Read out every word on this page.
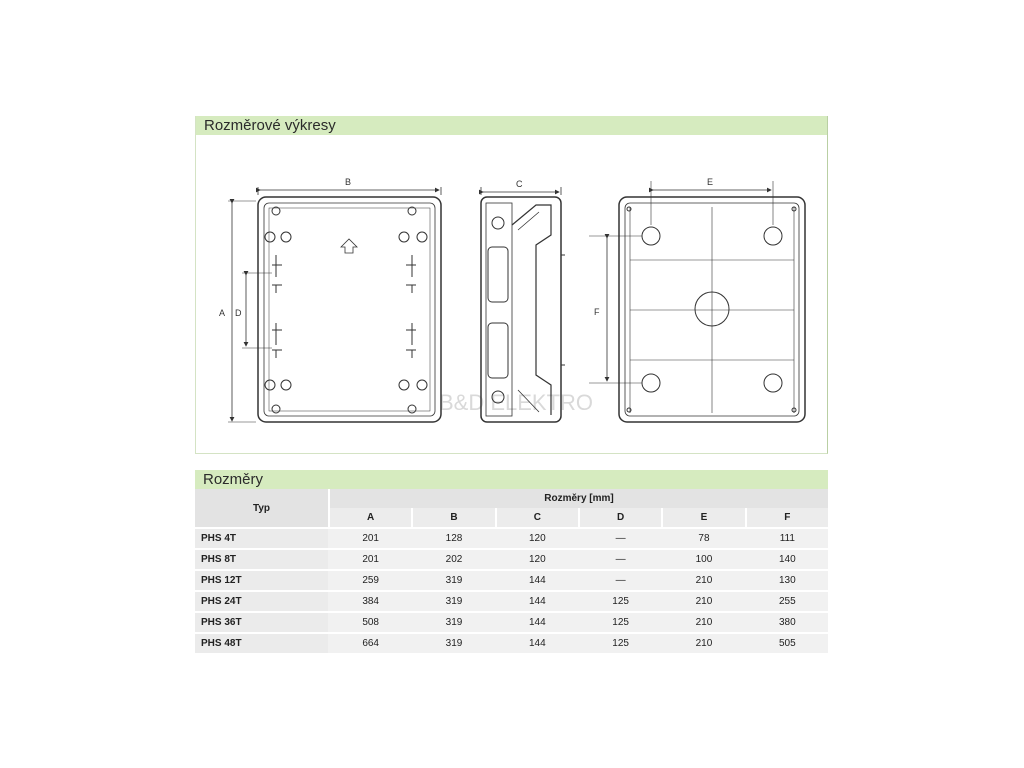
Rozměrové výkresy
B&D ELEKTRO
B
A D
C	E
F
Rozměry
Typ		Rozměry [mm]										
		A		B		C		D		E		F
PHS 4T		201		128		120		—		78		111
PHS 8T		201		202		120		—		100		140
PHS 12T		259		319		144		—		210		130
PHS 24T		384		319		144		125		210		255
PHS 36T		508		319		144		125		210		380
PHS 48T		664		319		144		125		210		505
